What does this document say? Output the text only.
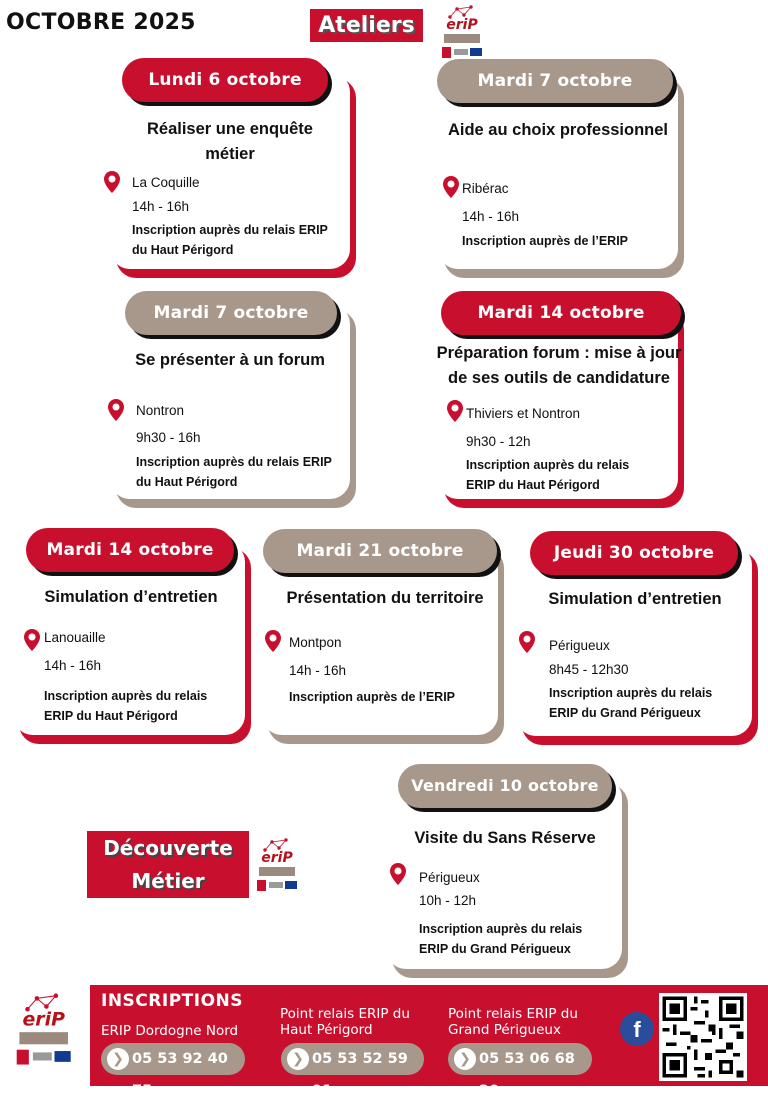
OCTOBRE 2025	Ateliers	eriP
Lundi 6 octobre
Réaliser une enquête
métier
La Coquille
14h - 16h
Inscription auprès du relais ERIP
du Haut Périgord
Mardi 7 octobre
Aide au choix professionnel
Ribérac
14h - 16h
Inscription auprès de l’ERIP
Mardi 7 octobre
Se présenter à un forum
Nontron
9h30 - 16h
Inscription auprès du relais ERIP
du Haut Périgord
Mardi 14 octobre
Préparation forum : mise à jour
de ses outils de candidature
Thiviers et Nontron
9h30 - 12h
Inscription auprès du relais
ERIP du Haut Périgord
Mardi 14 octobre
Simulation d’entretien
Lanouaille
14h - 16h
Inscription auprès du relais
ERIP du Haut Périgord
Mardi 21 octobre
Présentation du territoire
Montpon
14h - 16h
Inscription auprès de l’ERIP
Jeudi 30 octobre
Simulation d’entretien
Périgueux
8h45 - 12h30
Inscription auprès du relais
ERIP du Grand Périgueux
Vendredi 10 octobre
Visite du Sans Réserve
Périgueux
10h - 12h
Inscription auprès du relais
ERIP du Grand Périgueux
Découverte
Métier
eriP
eriP
INSCRIPTIONS
ERIP Dordogne Nord
❯ 05 53 92 40 75
Point relais ERIP du
Haut Périgord
❯ 05 53 52 59 91
Point relais ERIP du
Grand Périgueux
❯ 05 53 06 68 20
f
